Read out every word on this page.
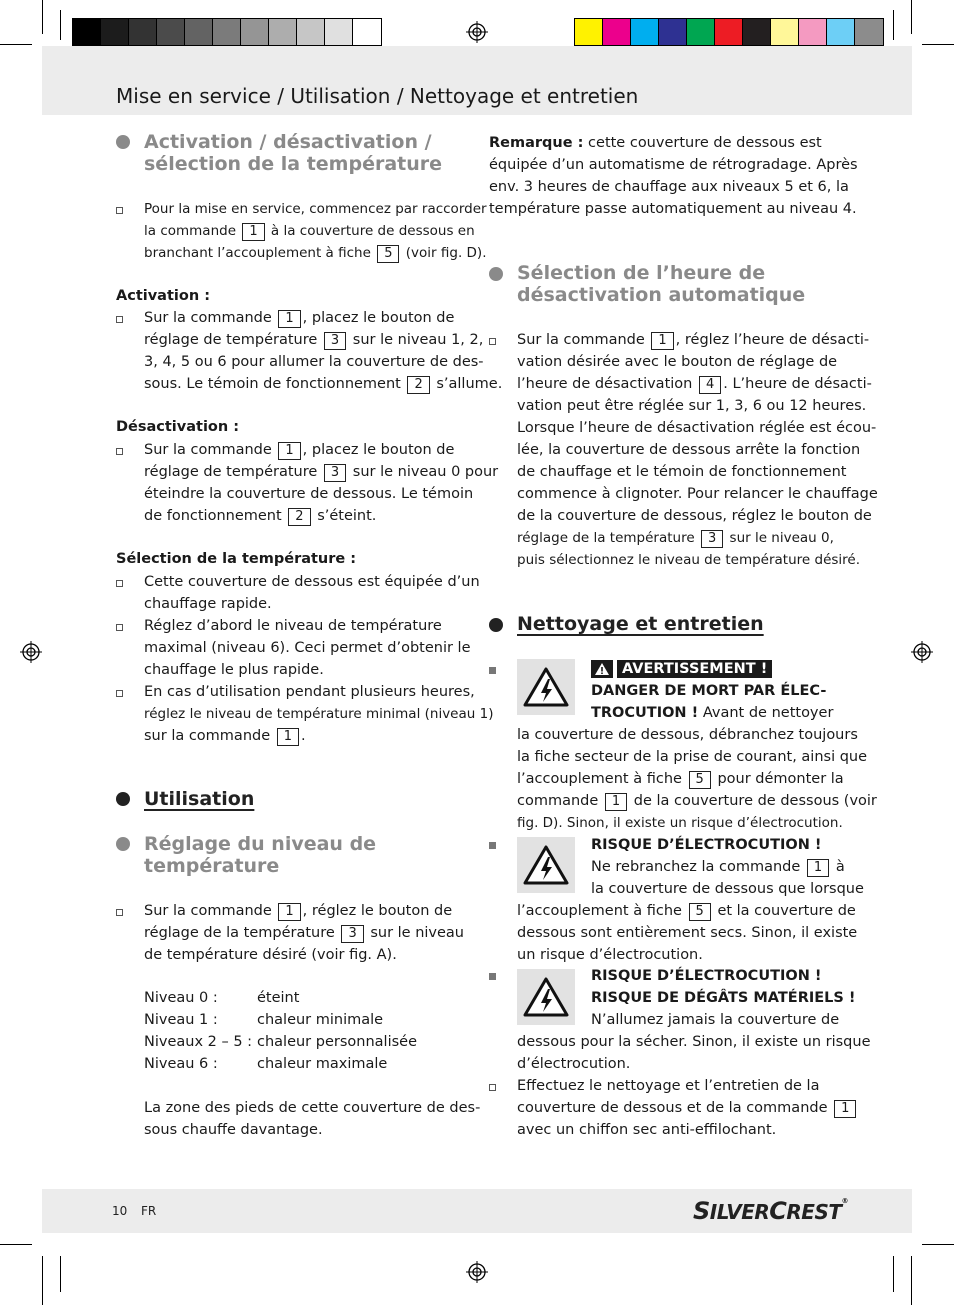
Mise en service / Utilisation / Nettoyage et entretien
Activation / désactivation /
sélection de la température
Pour la mise en service, commencez par raccorder
la commande 1 à la couverture de dessous en
branchant l’accouplement à fiche 5 (voir fig. D).
Activation :
Sur la commande 1 , placez le bouton de
réglage de température 3 sur le niveau 1, 2,
3, 4, 5 ou 6 pour allumer la couverture de des-
sous. Le témoin de fonctionnement 2 s’allume.
Désactivation :
Sur la commande 1 , placez le bouton de
réglage de température 3 sur le niveau 0 pour
éteindre la couverture de dessous. Le témoin
de fonctionnement 2 s’éteint.
Sélection de la température :
Cette couverture de dessous est équipée d’un
chauffage rapide.
Réglez d’abord le niveau de température
maximal (niveau 6). Ceci permet d’obtenir le
chauffage le plus rapide.
En cas d’utilisation pendant plusieurs heures,
réglez le niveau de température minimal (niveau 1)
sur la commande 1 .
Utilisation
Réglage du niveau de
température
Sur la commande 1 , réglez le bouton de
réglage de la température 3 sur le niveau
de température désiré (voir fig. A).
Niveau 0 :	éteint
Niveau 1 :	chaleur minimale
Niveaux 2 – 5 : chaleur personnalisée
Niveau 6 :	chaleur maximale
La zone des pieds de cette couverture de des-
sous chauffe davantage.
Remarque : cette couverture de dessous est
équipée d’un automatisme de rétrogradage. Après
env. 3 heures de chauffage aux niveaux 5 et 6, la
température passe automatiquement au niveau 4.
Sélection de l’heure de
désactivation automatique
Sur la commande 1 , réglez l’heure de désacti-
vation désirée avec le bouton de réglage de
l’heure de désactivation 4 . L’heure de désacti-
vation peut être réglée sur 1, 3, 6 ou 12 heures.
Lorsque l’heure de désactivation réglée est écou-
lée, la couverture de dessous arrête la fonction
de chauffage et le témoin de fonctionnement
commence à clignoter. Pour relancer le chauffage
de la couverture de dessous, réglez le bouton de
réglage de la température 3 sur le niveau 0,
puis sélectionnez le niveau de température désiré.
Nettoyage et entretien
AVERTISSEMENT !
DANGER DE MORT PAR ÉLEC-
TROCUTION ! Avant de nettoyer
la couverture de dessous, débranchez toujours
la fiche secteur de la prise de courant, ainsi que
l’accouplement à fiche 5 pour démonter la
commande 1 de la couverture de dessous (voir
fig. D). Sinon, il existe un risque d’électrocution.
RISQUE D’ÉLECTROCUTION !
Ne rebranchez la commande 1 à
la couverture de dessous que lorsque
l’accouplement à fiche 5 et la couverture de
dessous sont entièrement secs. Sinon, il existe
un risque d’électrocution.
RISQUE D’ÉLECTROCUTION !
RISQUE DE DÉGÂTS MATÉRIELS !
N’allumez jamais la couverture de
dessous pour la sécher. Sinon, il existe un risque
d’électrocution.
Effectuez le nettoyage et l’entretien de la
couverture de dessous et de la commande 1
avec un chiffon sec anti-effilochant.
10 FR	SILVERCREST®
